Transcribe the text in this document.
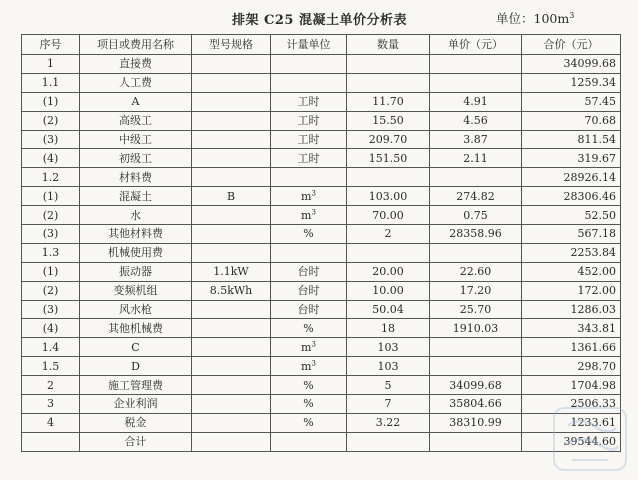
排架 C25 混凝土单价分析表	单位：$100m^3$
序号	项目或费用名称	型号规格	计量单位	数量	单价（元）	合价（元）
1	直接费					34099.68
1.1	人工费					1259.34
(1)	A		工时	11.70	4.91	57.45
(2)	高级工		工时	15.50	4.56	70.68
(3)	中级工		工时	209.70	3.87	811.54
(4)	初级工		工时	151.50	2.11	319.67
1.2	材料费					28926.14
(1)	混凝土	B	$m^3$	103.00	274.82	28306.46
(2)	水		$m^3$	70.00	0.75	52.50
(3)	其他材料费		%	2	28358.96	567.18
1.3	机械使用费					2253.84
(1)	振动器	1.1kW	台时	20.00	22.60	452.00
(2)	变频机组	8.5kWh	台时	10.00	17.20	172.00
(3)	风水枪		台时	50.04	25.70	1286.03
(4)	其他机械费		%	18	1910.03	343.81
1.4	C		$m^3$	103		1361.66
1.5	D		$m^3$	103		298.70
2	施工管理费		%	5	34099.68	1704.98
3	企业利润		%	7	35804.66	2506.33
4	税金		%	3.22	38310.99	1233.61
	合计					39544.60
